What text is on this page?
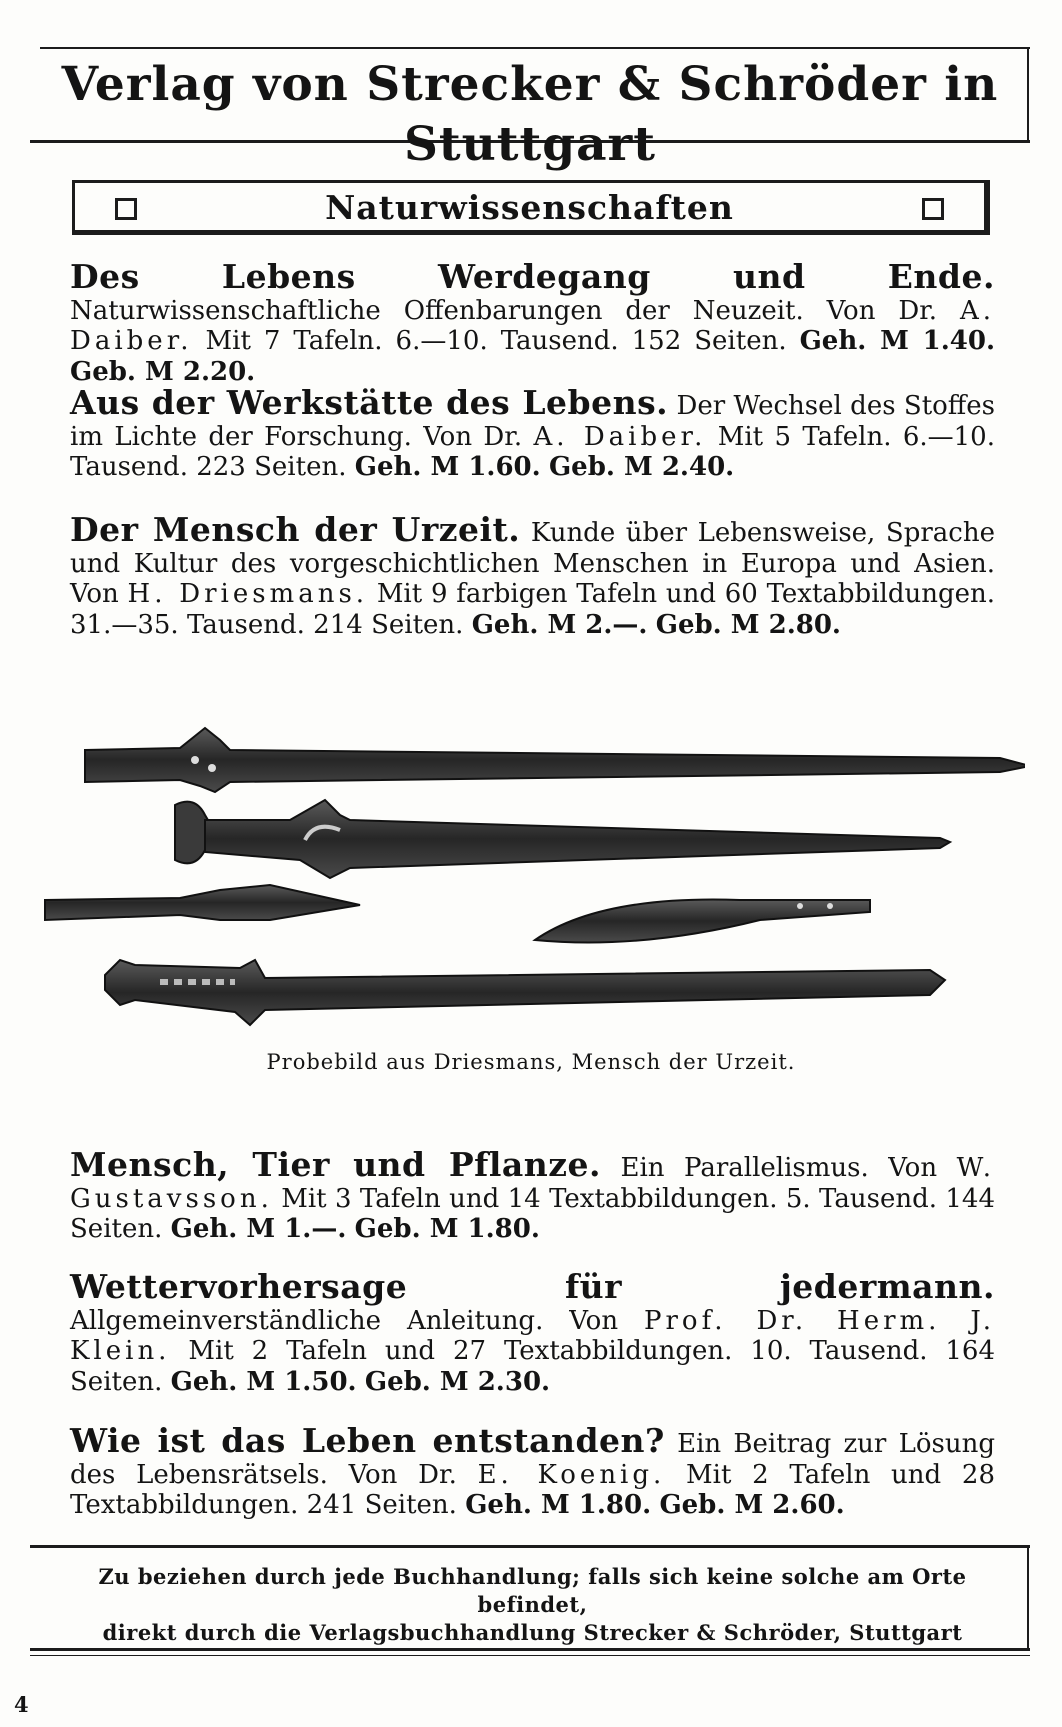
Verlag von Strecker & Schröder in Stuttgart
Naturwissenschaften
Des Lebens Werdegang und Ende. Naturwissenschaftliche Offenbarungen der Neuzeit. Von Dr. A. Daiber. Mit 7 Tafeln. 6.—10. Tausend. 152 Seiten. Geh. M 1.40. Geb. M 2.20.
Aus der Werkstätte des Lebens. Der Wechsel des Stoffes im Lichte der Forschung. Von Dr. A. Daiber. Mit 5 Tafeln. 6.—10. Tausend. 223 Seiten. Geh. M 1.60. Geb. M 2.40.
Der Mensch der Urzeit. Kunde über Lebensweise, Sprache und Kultur des vorgeschichtlichen Menschen in Europa und Asien. Von H. Driesmans. Mit 9 farbigen Tafeln und 60 Textabbildungen. 31.—35. Tausend. 214 Seiten. Geh. M 2.—. Geb. M 2.80.
Probebild aus Driesmans, Mensch der Urzeit.
Mensch, Tier und Pflanze. Ein Parallelismus. Von W. Gustavsson. Mit 3 Tafeln und 14 Textabbildungen. 5. Tausend. 144 Seiten. Geh. M 1.—. Geb. M 1.80.
Wettervorhersage für jedermann. Allgemeinverständliche Anleitung. Von Prof. Dr. Herm. J. Klein. Mit 2 Tafeln und 27 Textabbildungen. 10. Tausend. 164 Seiten. Geh. M 1.50. Geb. M 2.30.
Wie ist das Leben entstanden? Ein Beitrag zur Lösung des Lebensrätsels. Von Dr. E. Koenig. Mit 2 Tafeln und 28 Textabbildungen. 241 Seiten. Geh. M 1.80. Geb. M 2.60.
Zu beziehen durch jede Buchhandlung; falls sich keine solche am Orte befindet,
direkt durch die Verlagsbuchhandlung Strecker & Schröder, Stuttgart
4
